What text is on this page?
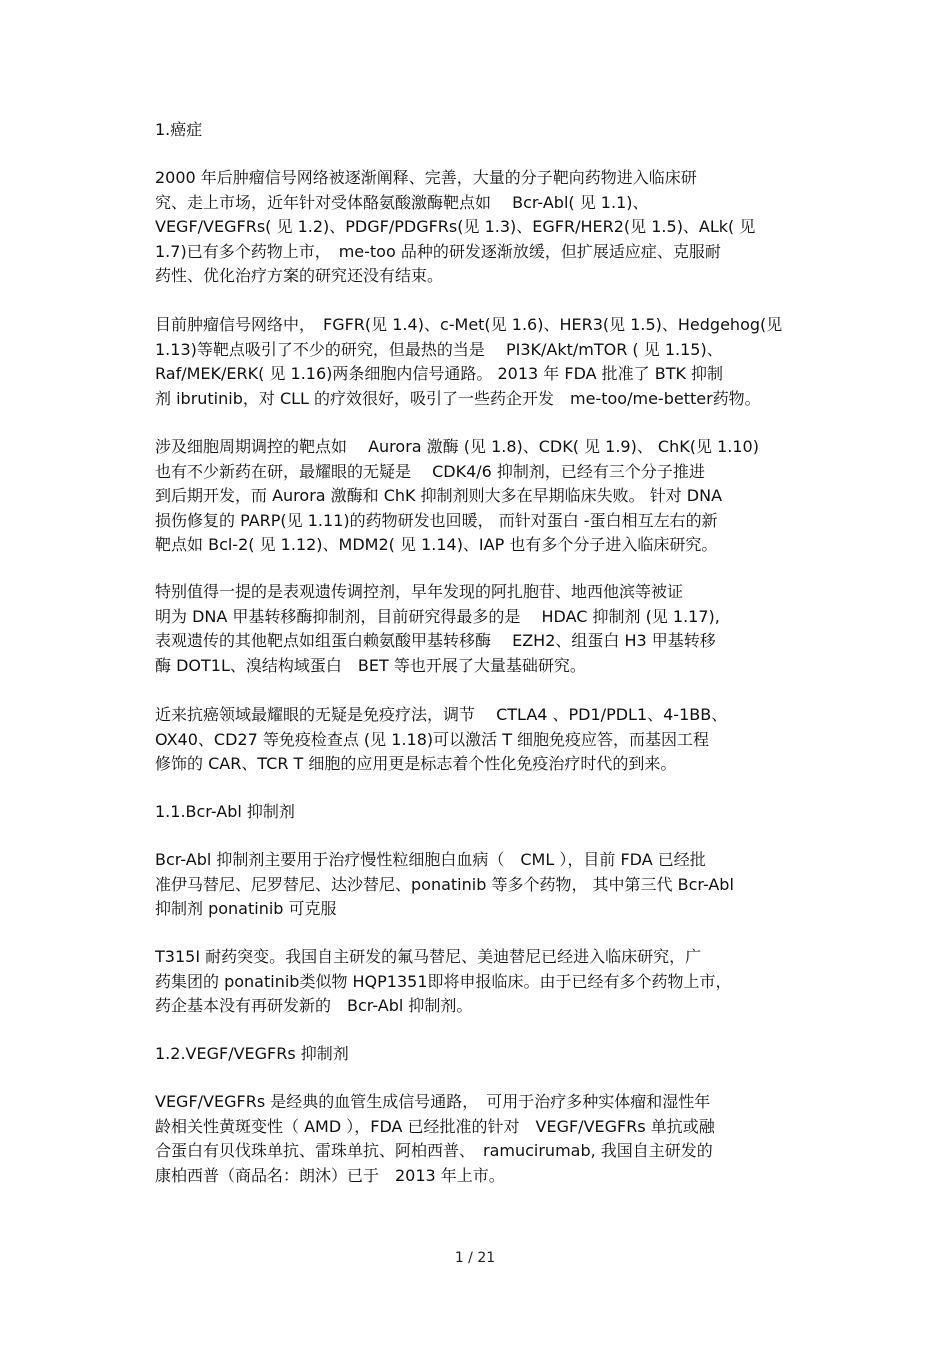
1.癌症
2000 年后肿瘤信号网络被逐渐阐释、完善，大量的分子靶向药物进入临床研
究、走上市场，近年针对受体酪氨酸激酶靶点如　 Bcr-Abl( 见 1.1)、
VEGF/VEGFRs( 见 1.2)、PDGF/PDGFRs(见 1.3)、EGFR/HER2(见 1.5)、ALk( 见
1.7)已有多个药物上市，　me-too 品种的研发逐渐放缓，但扩展适应症、克服耐
药性、优化治疗方案的研究还没有结束。
目前肿瘤信号网络中，　FGFR(见 1.4)、c-Met(见 1.6)、HER3(见 1.5)、Hedgehog(见
1.13)等靶点吸引了不少的研究，但最热的当是　 PI3K/Akt/mTOR ( 见 1.15)、
Raf/MEK/ERK( 见 1.16)两条细胞内信号通路。 2013 年 FDA 批准了 BTK 抑制
剂 ibrutinib，对 CLL 的疗效很好，吸引了一些药企开发　me-too/me-better药物。
涉及细胞周期调控的靶点如　 Aurora 激酶 (见 1.8)、CDK( 见 1.9)、 ChK(见 1.10)
也有不少新药在研，最耀眼的无疑是　 CDK4/6 抑制剂，已经有三个分子推进
到后期开发，而 Aurora 激酶和 ChK 抑制剂则大多在早期临床失败。 针对 DNA
损伤修复的 PARP(见 1.11)的药物研发也回暖， 而针对蛋白 -蛋白相互左右的新
靶点如 Bcl-2( 见 1.12)、MDM2( 见 1.14)、IAP 也有多个分子进入临床研究。
特别值得一提的是表观遗传调控剂，早年发现的阿扎胞苷、地西他滨等被证
明为 DNA 甲基转移酶抑制剂，目前研究得最多的是　 HDAC 抑制剂 (见 1.17),
表观遗传的其他靶点如组蛋白赖氨酸甲基转移酶　 EZH2、组蛋白 H3 甲基转移
酶 DOT1L、溴结构域蛋白　BET 等也开展了大量基础研究。
近来抗癌领域最耀眼的无疑是免疫疗法，调节　 CTLA4 、PD1/PDL1、4-1BB、
OX40、CD27 等免疫检查点 (见 1.18)可以激活 T 细胞免疫应答，而基因工程
修饰的 CAR、TCR T 细胞的应用更是标志着个性化免疫治疗时代的到来。
1.1.Bcr-Abl 抑制剂
Bcr-Abl 抑制剂主要用于治疗慢性粒细胞白血病（　CML ），目前 FDA 已经批
准伊马替尼、尼罗替尼、达沙替尼、ponatinib 等多个药物， 其中第三代 Bcr-Abl
抑制剂 ponatinib 可克服
T315I 耐药突变。我国自主研发的氟马替尼、美迪替尼已经进入临床研究，广
药集团的 ponatinib类似物 HQP1351即将申报临床。由于已经有多个药物上市，
药企基本没有再研发新的　Bcr-Abl 抑制剂。
1.2.VEGF/VEGFRs 抑制剂
VEGF/VEGFRs 是经典的血管生成信号通路，　可用于治疗多种实体瘤和湿性年
龄相关性黄斑变性（ AMD ），FDA 已经批准的针对　VEGF/VEGFRs 单抗或融
合蛋白有贝伐珠单抗、雷珠单抗、阿柏西普、　ramucirumab, 我国自主研发的
康柏西普（商品名：朗沐）已于　2013 年上市。
1 / 21
